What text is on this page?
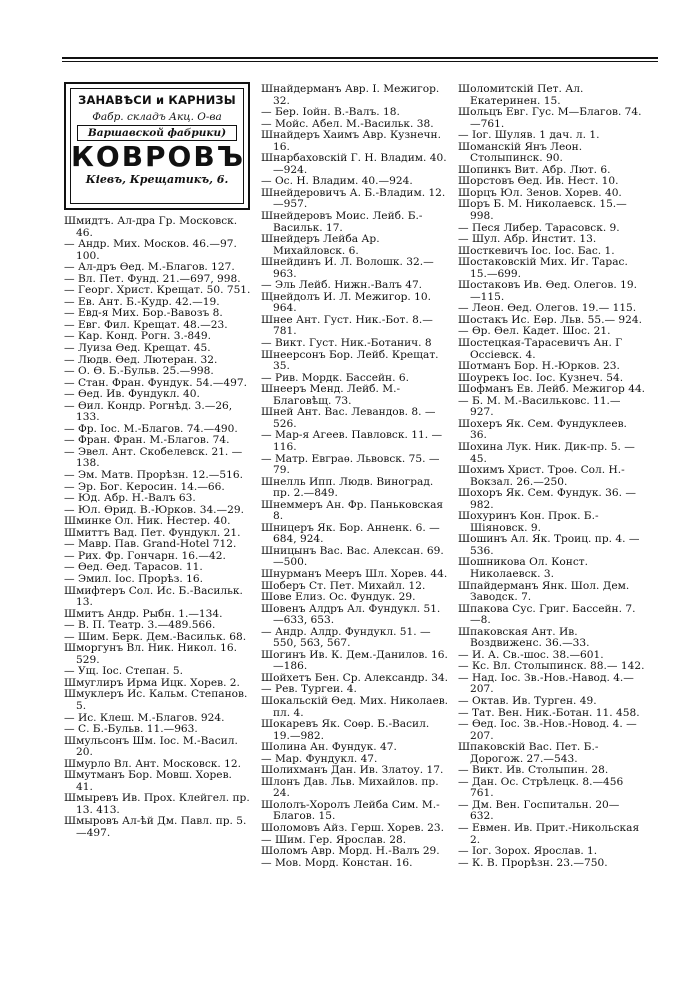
ЗАНАВѢСИ и КАРНИЗЫ
Фабр. складъ Акц. О-ва
Варшавской фабрики)
КОВРОВЪ
Кіевъ, Крещатикъ, 6.

Шмидтъ. Ал-дра Гр. Московск. 46.

— Андр. Мих. Москов. 46.—97. 100.

— Ал-дръ Ѳед. М.-Благов. 127.

— Вл. Пет. Фунд. 21.—697, 998.

— Георг. Христ. Крещат. 50. 751.

— Ев. Ант. Б.-Кудр. 42.—19.

— Евд-я Мих. Бор.-Вавозъ 8.

— Евг. Фил. Крещат. 48.—23.

— Кар. Конд. Рогн. 3.-849.

— Луиза Ѳед. Крещат. 45.

— Людв. Ѳед. Лютеран. 32.

— О. Ѳ. Б.-Бульв. 25.—998.

— Стан. Фран. Фундук. 54.—497.

— Ѳед. Ив. Фундукл. 40.

— Ѳил. Кондр. Рогнѣд. 3.—26, 133.

— Фр. Іос. М.-Благов. 74.—490.

— Фран. Фран. М.-Благов. 74.

— Эвел. Ант. Скобелевск. 21. —138.

— Эм. Матв. Прорѣзн. 12.—516.

— Эр. Бог. Керосин. 14.—66.

— Юд. Абр. Н.-Валъ 63.

— Юл. Ѳрид. В.-Юрков. 34.—29.

Шминке Ол. Ник. Нестер. 40.

Шмиттъ Вад. Пет. Фундукл. 21.

— Мавр. Пав. Grand-Hotel 712.

— Рих. Фр. Гончарн. 16.—42.

— Ѳед. Ѳед. Тарасов. 11.

— Эмил. Іос. Прорѣз. 16.

Шмифтеръ Сол. Ис. Б.-Васильк. 13.

Шмитъ Андр. Рыбн. 1.—134.

— В. П. Театр. 3.—489.566.

— Шим. Берк. Дем.-Васильк. 68.

Шморгунъ Вл. Ник. Никол. 16. 529.

— Ущ. Іос. Степан. 5.

Шмуглиръ Ирма Ицк. Хорев. 2.

Шмуклеръ Ис. Кальм. Степанов. 5.

— Ис. Клеш. М.-Благов. 924.

— С. Б.-Бульв. 11.—963.

Шмульсонъ Шм. Іос. М.-Васил. 20.

Шмурло Вл. Ант. Московск. 12.

Шмутманъ Бор. Мовш. Хорев. 41.

Шмыревъ Ив. Прох. Клейгел. пр. 13. 413.

Шмыровъ Ал-ѣй Дм. Павл. пр. 5.—497.

Шнайдерманъ Авр. І. Межигор. 32.

— Бер. Іойн. В.-Валъ. 18.

— Мойс. Абел. М.-Васильк. 38.

Шнайдеръ Хаимъ Авр. Кузнечн. 16.

Шнарбаховскій Г. Н. Владим. 40.—924.

— Ос. Н. Владим. 40.—924.

Шнейдеровичъ А. Б.-Владим. 12.—957.

Шнейдеровъ Моис. Лейб. Б.-Васильк. 17.

Шнейдеръ Лейба Ар. Михайловск. 6.

Шнейдинъ И. Л. Волошк. 32.—963.

— Эль Лейб. Нижн.-Валъ 47.

Щнейдолъ И. Л. Межигор. 10. 964.

Шнее Ант. Густ. Ник.-Бот. 8.—781.

— Викт. Густ. Ник.-Ботанич. 8

Шнеерсонъ Бор. Лейб. Крещат. 35.

— Рив. Мордк. Бассейн. 6.

Шнееръ Менд. Лейб. М.-Благовѣщ. 73.

Шней Ант. Вас. Левандов. 8. —526.

— Мар-я Агеев. Павловск. 11. —116.

— Матр. Евграѳ. Львовск. 75. —79.

Шнелль Ипп. Людв. Виноград. пр. 2.—849.

Шнеммеръ Ан. Фр. Паньковская 8.

Шницеръ Як. Бор. Анненк. 6. —684, 924.

Шницынъ Вас. Вас. Алексан. 69.—500.

Шнурманъ Мееръ Шл. Хорев. 44.

Шоберъ Ст. Пет. Михайл. 12.

Шове Елиз. Ос. Фундук. 29.

Шовенъ Алдръ Ал. Фундукл. 51.—633, 653.

— Андр. Алдр. Фундукл. 51. —550, 563, 567.

Шогинъ Ив. К. Дем.-Данилов. 16.—186.

Шойхетъ Бен. Ср. Александр. 34.

— Рев. Тургеи. 4.

Шокальскій Ѳед. Мих. Николаев. пл. 4.

Шокаревъ Як. Соѳр. Б.-Васил. 19.—982.

Шолина Ан. Фундук. 47.

— Мар. Фундукл. 47.

Шолихманъ Дан. Ив. Златоу. 17.

Шлонъ Дав. Льв. Михайлов. пр. 24.

Шололъ-Хоролъ Лейба Сим. М.-Благов. 15.

Шоломовъ Айз. Герш. Хорев. 23.

— Шим. Гер. Ярослав. 28.

Шоломъ Авр. Морд. Н.-Валъ 29.

— Мов. Морд. Констан. 16.

Шоломитскій Пет. Ал. Екатеринен. 15.

Шольцъ Евг. Гус. М—Благов. 74.—761.

— Іог. Шуляв. 1 дач. л. 1.

Шоманскій Янъ Леон. Столыпинск. 90.

Шопинкъ Вит. Абр. Лют. 6.

Шорстовъ Ѳед. Ив. Нест. 10.

Шорцъ Юл. Зенов. Хорев. 40.

Шоръ Б. М. Николаевск. 15.—998.

— Песя Либер. Тарасовск. 9.

— Шул. Абр. Инстит. 13.

Шосткевичъ Іос. Іос. Бас. 1.

Шостаковскій Мих. Иг. Тарас. 15.—699.

Шостаковъ Ив. Ѳед. Олегов. 19.—115.

— Леон. Ѳед. Олегов. 19.— 115.

Шостакъ Ис. Еѳр. Льв. 55.— 924.

— Ѳр. Ѳел. Кадет. Шос. 21.

Шостецкая-Тарасевичъ Ан. Г Оссіевск. 4.

Шотманъ Бор. Н.-Юрков. 23.

Шоурекъ Іос. Іос. Кузнеч. 54.

Шофманъ Ев. Лейб. Межигор 44.

— Б. М. М.-Васильковс. 11.— 927.

Шохеръ Як. Сем. Фундуклеев. 36.

Шохина Лук. Ник. Дик-пр. 5. —45.

Шохимъ Христ. Троѳ. Сол. Н.-Вокзал. 26.—250.

Шохоръ Як. Сем. Фундук. 36. —982.

Шохуринъ Кон. Прок. Б.-Шіяновск. 9.

Шошинъ Ал. Як. Троиц. пр. 4. —536.

Шошникова Ол. Конст. Николаевск. 3.

Шпайдерманъ Янк. Шол. Дем. Заводск. 7.

Шпакова Сус. Григ. Бассейн. 7.—8.

Шпаковская Ант. Ив. Воздвиженс. 36.—33.

— И. А. Св.-шос. 38.—601.

— Кс. Вл. Столыпинск. 88.— 142.

— Над. Іос. Зв.-Нов.-Навод. 4.—207.

— Октав. Ив. Турген. 49.

— Тат. Вен. Ник.-Ботан. 11. 458.

— Ѳед. Іос. Зв.-Нов.-Новод. 4. —207.

Шпаковскій Вас. Пет. Б.-Дорогож. 27.—543.

— Викт. Ив. Столыпин. 28.

— Дан. Ос. Стрѣлецк. 8.—456 761.

— Дм. Вен. Госпитальн. 20— 632.

— Евмен. Ив. Прит.-Никольская 2.

— Іог. Зорох. Ярослав. 1.

— К. В. Прорѣзн. 23.—750.
